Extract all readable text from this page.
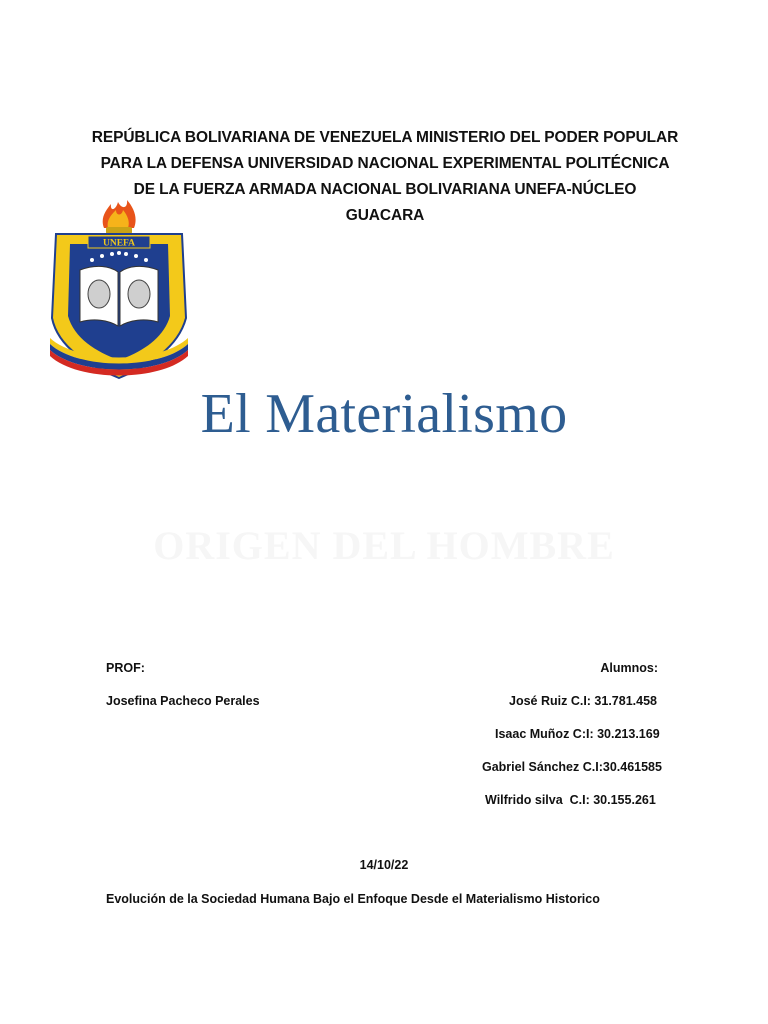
REPÚBLICA BOLIVARIANA DE VENEZUELA MINISTERIO DEL PODER POPULAR
PARA LA DEFENSA UNIVERSIDAD NACIONAL EXPERIMENTAL POLITÉCNICA
DE LA FUERZA ARMADA NACIONAL BOLIVARIANA UNEFA-NÚCLEO
GUACARA
UNEFA
El Materialismo
ORIGEN DEL HOMBRE
PROF:
Josefina Pacheco Perales
Alumnos:
José Ruiz C.I: 31.781.458
Isaac Muñoz C:I: 30.213.169
Gabriel Sánchez C.I:30.461585
Wilfrido silva  C.I: 30.155.261
14/10/22
Evolución de la Sociedad Humana Bajo el Enfoque Desde el Materialismo Historico
